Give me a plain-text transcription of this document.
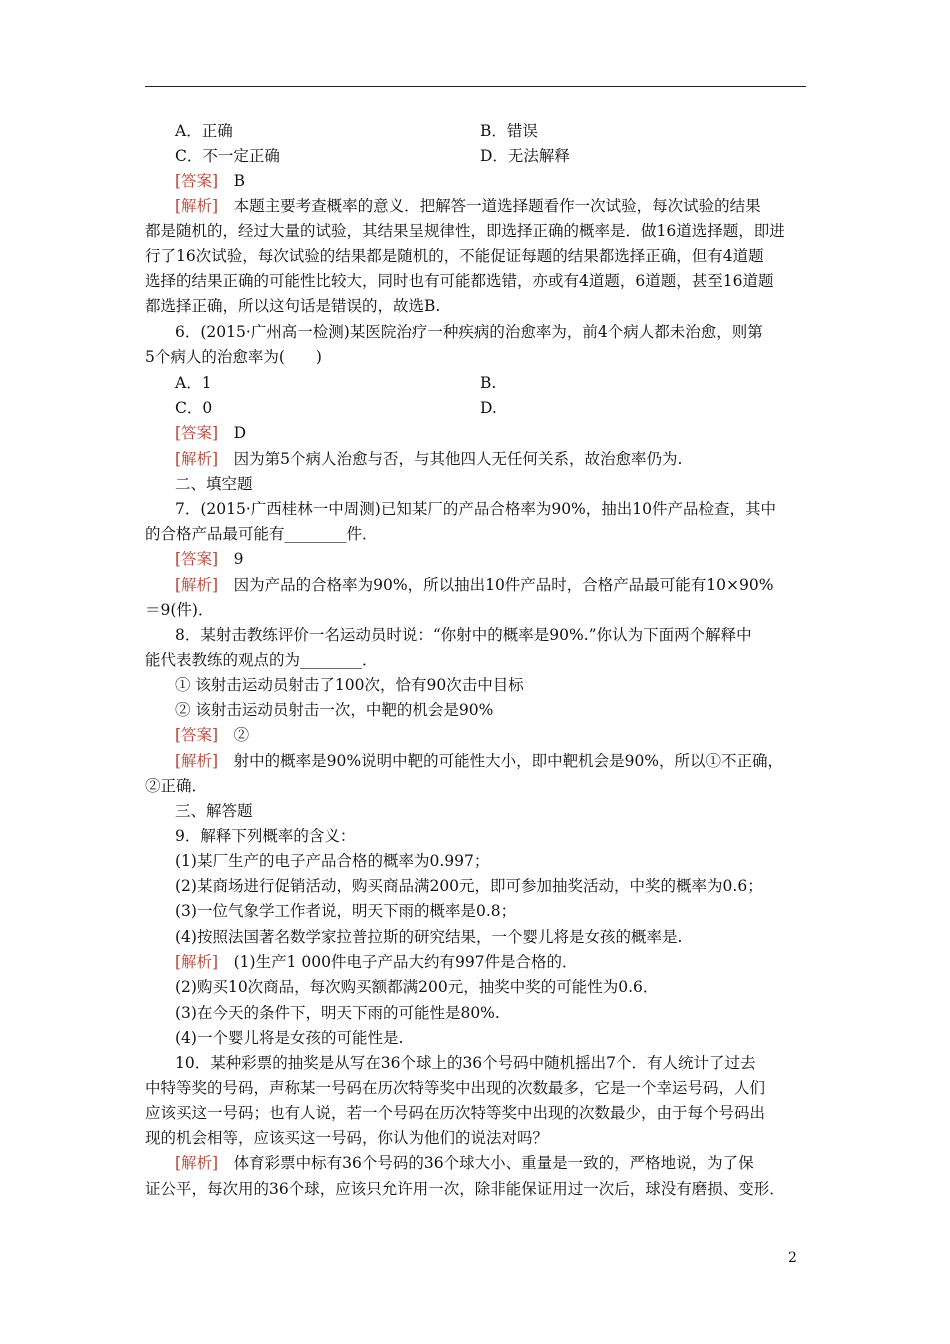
A．正确	B．错误
C．不一定正确	D．无法解释
[答案]　 B
[解析]　 本题主要考查概率的意义．把解答一道选择题看作一次试验，每次试验的结果
都是随机的，经过大量的试验，其结果呈规律性，即选择正确的概率是．做16道选择题，即进
行了16次试验，每次试验的结果都是随机的，不能促证每题的结果都选择正确，但有4道题
选择的结果正确的可能性比较大，同时也有可能都选错，亦或有4道题，6道题，甚至16道题
都选择正确，所以这句话是错误的，故选B.
6．(2015·广州高一检测)某医院治疗一种疾病的治愈率为，前4个病人都未治愈，则第
5个病人的治愈率为(　　)
A．1	B.
C．0	D.
[答案]　 D
[解析]　 因为第5个病人治愈与否，与其他四人无任何关系，故治愈率仍为.
二、填空题
7．(2015·广西桂林一中周测)已知某厂的产品合格率为90%，抽出10件产品检查，其中
的合格产品最可能有________件．
[答案]　 9
[解析]　 因为产品的合格率为90%，所以抽出10件产品时，合格产品最可能有10×90%
＝9(件)．
8．某射击教练评价一名运动员时说：“你射中的概率是90%.”你认为下面两个解释中
能代表教练的观点的为________．
① 该射击运动员射击了100次，恰有90次击中目标
② 该射击运动员射击一次，中靶的机会是90%
[答案]　 ②
[解析]　 射中的概率是90%说明中靶的可能性大小，即中靶机会是90%，所以①不正确，
②正确．
三、解答题
9．解释下列概率的含义：
(1)某厂生产的电子产品合格的概率为0.997；
(2)某商场进行促销活动，购买商品满200元，即可参加抽奖活动，中奖的概率为0.6；
(3)一位气象学工作者说，明天下雨的概率是0.8；
(4)按照法国著名数学家拉普拉斯的研究结果，一个婴儿将是女孩的概率是.
[解析]　 (1)生产1 000件电子产品大约有997件是合格的．
(2)购买10次商品，每次购买额都满200元，抽奖中奖的可能性为0.6．
(3)在今天的条件下，明天下雨的可能性是80%.
(4)一个婴儿将是女孩的可能性是.
10．某种彩票的抽奖是从写在36个球上的36个号码中随机摇出7个．有人统计了过去
中特等奖的号码，声称某一号码在历次特等奖中出现的次数最多，它是一个幸运号码，人们
应该买这一号码；也有人说，若一个号码在历次特等奖中出现的次数最少，由于每个号码出
现的机会相等，应该买这一号码，你认为他们的说法对吗？
[解析]　 体育彩票中标有36个号码的36个球大小、重量是一致的，严格地说，为了保
证公平，每次用的36个球，应该只允许用一次，除非能保证用过一次后，球没有磨损、变形．
2
